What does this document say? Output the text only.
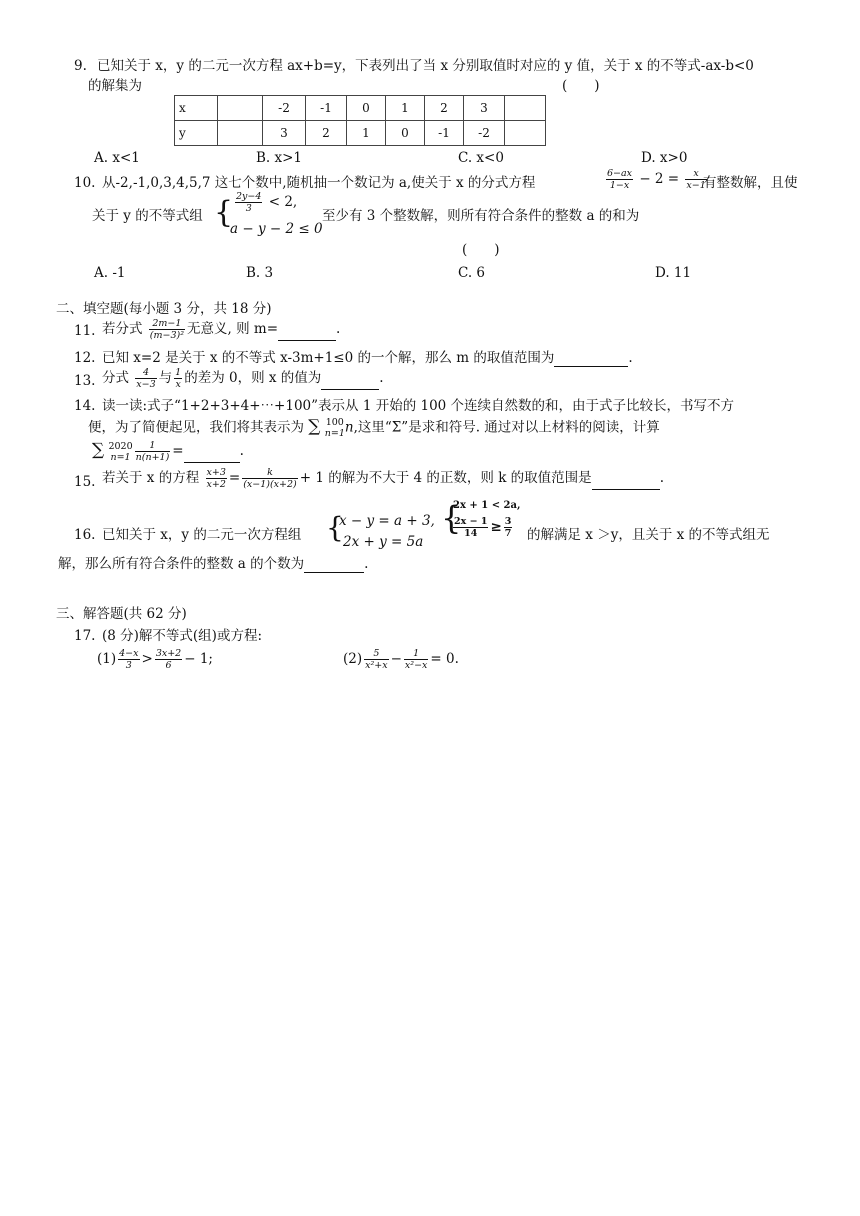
9. 已知关于 x，y 的二元一次方程 ax+b=y，下表列出了当 x 分别取值时对应的 y 值，关于 x 的不等式-ax-b<0
的解集为	(　　)
x		-2	-1	0	1	2	3	
y		3	2	1	0	-1	-2	
A. x<1	B. x>1	C. x<0	D. x>0
10. 从-2,-1,0,3,4,5,7 这七个数中,随机抽一个数记为 a,使关于 x 的分式方程	$\frac{6-ax}{1-x} - 2 = \frac{x}{x-1}$
有整数解，且使
关于 y 的不等式组 { $\frac{2y-4}{3} < 2$,
a − y − 2 ≤ 0
至少有 3 个整数解，则所有符合条件的整数 a 的和为
(　　)
A. -1	B. 3	C. 6	D. 11
二、填空题(每小题 3 分，共 18 分)
11. 若分式 $\frac{2m-1}{\text{(m−3)²}}$ 无意义, 则 m=	.
12. 已知 x=2 是关于 x 的不等式 x-3m+1≤0 的一个解，那么 m 的取值范围为	.
13. 分式 $\frac{4}{x-3}$ 与 $\frac{1}{x}$ 的差为 0，则 x 的值为	.
14. 读一读:式子“1+2+3+4+⋯+100”表示从 1 开始的 100 个连续自然数的和，由于式子比较长，书写不方
便，为了简便起见，我们将其表示为 ∑ 100
n=1 n,这里“Σ”是求和符号. 通过对以上材料的阅读，计算
∑ 2020
$n=1 \frac{1}{n(n+1)}$ =	.
15. 若关于 x 的方程 $\frac{x+3}{x+2} = \frac{k}{(x-1)(x+2)} + 1$ 的解为不大于 4 的正数，则 k 的取值范围是	.
16. 已知关于 x，y 的二元一次方程组 {
x − y = a + 3,
2x + y = 5a
{
2x + 1 < 2a,
$\frac{2x - 1}{14} \ge \frac{3}{7}$ 的解满足 x ＞y，且关于 x 的不等式组无
解，那么所有符合条件的整数 a 的个数为	.
三、解答题(共 62 分)
17. (8 分)解不等式(组)或方程:
$(1) \frac{4-x}{3} > \frac{3x+2}{6} - 1$;	$(2) \frac{5}{\text{x²+x}} - \frac{1}{\text{x²−x}} = 0$.
